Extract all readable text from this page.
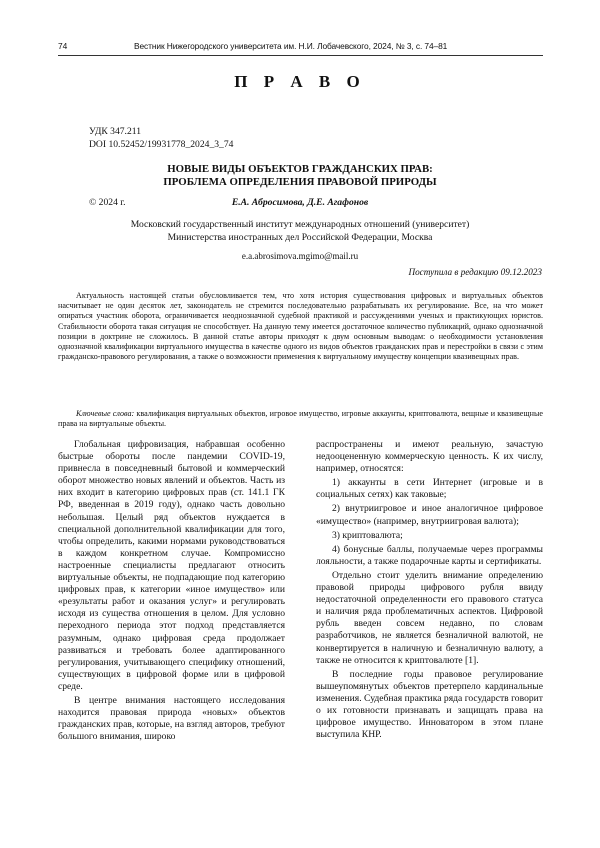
74	Вестник Нижегородского университета им. Н.И. Лобачевского, 2024, № 3, с. 74–81
П Р А В О
УДК 347.211
DOI 10.52452/19931778_2024_3_74
НОВЫЕ ВИДЫ ОБЪЕКТОВ ГРАЖДАНСКИХ ПРАВ:
ПРОБЛЕМА ОПРЕДЕЛЕНИЯ ПРАВОВОЙ ПРИРОДЫ
© 2024 г.	Е.А. Абросимова, Д.Е. Агафонов
Московский государственный институт международных отношений (университет)
Министерства иностранных дел Российской Федерации, Москва
e.a.abrosimova.mgimo@mail.ru
Поступила в редакцию 09.12.2023

Актуальность настоящей статьи обусловливается тем, что хотя история существования цифровых и виртуальных объектов насчитывает не один десяток лет, законодатель не стремится последовательно разрабатывать их регулирование. Все, на что может опираться участник оборота, ограничивается неоднозначной судебной практикой и рассуждениями ученых и практикующих юристов. Стабильности оборота такая ситуация не способствует. На данную тему имеется достаточное количество публикаций, однако однозначной позиции в доктрине не сложилось. В данной статье авторы приходят к двум основным выводам: о необходимости установления однозначной квалификации виртуального имущества в качестве одного из видов объектов гражданских прав и перестройки в связи с этим гражданско-правового регулирования, а также о возможности применения к виртуальному имуществу концепции квазивещных прав.

Ключевые слова: квалификация виртуальных объектов, игровое имущество, игровые аккаунты, криптовалюта, вещные и квазивещные права на виртуальные объекты.

Глобальная цифровизация, набравшая особенно быстрые обороты после пандемии COVID-19, привнесла в повседневный бытовой и коммерческий оборот множество новых явлений и объектов. Часть из них входит в категорию цифровых прав (ст. 141.1 ГК РФ, введенная в 2019 году), однако часть довольно небольшая. Целый ряд объектов нуждается в специальной дополнительной квалификации для того, чтобы определить, какими нормами руководствоваться в каждом конкретном случае. Компромиссно настроенные специалисты предлагают относить виртуальные объекты, не подпадающие под категорию цифровых прав, к категории «иное имущество» или «результаты работ и оказания услуг» и регулировать исходя из существа отношения в целом. Для условно переходного периода этот подход представляется разумным, однако цифровая среда продолжает развиваться и требовать более адаптированного регулирования, учитывающего специфику отношений, существующих в цифровой форме или в цифровой среде.

В центре внимания настоящего исследования находится правовая природа «новых» объектов гражданских прав, которые, на взгляд авторов, требуют большого внимания, широко

распространены и имеют реальную, зачастую недооцененную коммерческую ценность. К их числу, например, относятся:

1) аккаунты в сети Интернет (игровые и в социальных сетях) как таковые;

2) внутриигровое и иное аналогичное цифровое «имущество» (например, внутриигровая валюта);

3) криптовалюта;

4) бонусные баллы, получаемые через программы лояльности, а также подарочные карты и сертификаты.

Отдельно стоит уделить внимание определению правовой природы цифрового рубля ввиду недостаточной определенности его правового статуса и наличия ряда проблематичных аспектов. Цифровой рубль введен совсем недавно, по словам разработчиков, не является безналичной валютой, не конвертируется в наличную и безналичную валюту, а также не относится к криптовалюте [1].

В последние годы правовое регулирование вышеупомянутых объектов претерпело кардинальные изменения. Судебная практика ряда государств говорит о их готовности признавать и защищать права на цифровое имущество. Инноватором в этом плане выступила КНР.
